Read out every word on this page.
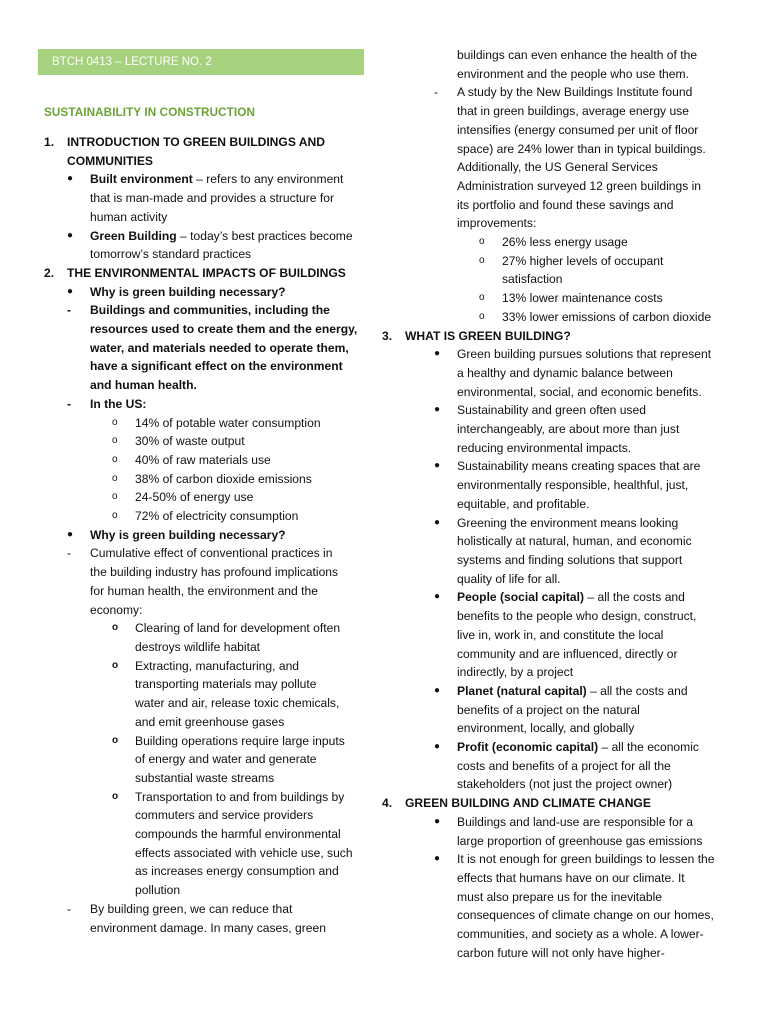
BTCH 0413 – LECTURE NO. 2
SUSTAINABILITY IN CONSTRUCTION
1. INTRODUCTION TO GREEN BUILDINGS AND
COMMUNITIES
● Built environment – refers to any environment
that is man-made and provides a structure for
human activity
● Green Building – today’s best practices become
tomorrow’s standard practices
2. THE ENVIRONMENTAL IMPACTS OF BUILDINGS
● Why is green building necessary?
- Buildings and communities, including the
resources used to create them and the energy,
water, and materials needed to operate them,
have a significant effect on the environment
and human health.
- In the US:
o 14% of potable water consumption
o 30% of waste output
o 40% of raw materials use
o 38% of carbon dioxide emissions
o 24-50% of energy use
o 72% of electricity consumption
● Why is green building necessary?
- Cumulative effect of conventional practices in
the building industry has profound implications
for human health, the environment and the
economy:
o Clearing of land for development often
destroys wildlife habitat
o Extracting, manufacturing, and
transporting materials may pollute
water and air, release toxic chemicals,
and emit greenhouse gases
o Building operations require large inputs
of energy and water and generate
substantial waste streams
o Transportation to and from buildings by
commuters and service providers
compounds the harmful environmental
effects associated with vehicle use, such
as increases energy consumption and
pollution
- By building green, we can reduce that
environment damage. In many cases, green
buildings can even enhance the health of the
environment and the people who use them.
- A study by the New Buildings Institute found
that in green buildings, average energy use
intensifies (energy consumed per unit of floor
space) are 24% lower than in typical buildings.
Additionally, the US General Services
Administration surveyed 12 green buildings in
its portfolio and found these savings and
improvements:
o 26% less energy usage
o 27% higher levels of occupant
satisfaction
o 13% lower maintenance costs
o 33% lower emissions of carbon dioxide
3. WHAT IS GREEN BUILDING?
● Green building pursues solutions that represent
a healthy and dynamic balance between
environmental, social, and economic benefits.
● Sustainability and green often used
interchangeably, are about more than just
reducing environmental impacts.
● Sustainability means creating spaces that are
environmentally responsible, healthful, just,
equitable, and profitable.
● Greening the environment means looking
holistically at natural, human, and economic
systems and finding solutions that support
quality of life for all.
● People (social capital) – all the costs and
benefits to the people who design, construct,
live in, work in, and constitute the local
community and are influenced, directly or
indirectly, by a project
● Planet (natural capital) – all the costs and
benefits of a project on the natural
environment, locally, and globally
● Profit (economic capital) – all the economic
costs and benefits of a project for all the
stakeholders (not just the project owner)
4. GREEN BUILDING AND CLIMATE CHANGE
● Buildings and land-use are responsible for a
large proportion of greenhouse gas emissions
● It is not enough for green buildings to lessen the
effects that humans have on our climate. It
must also prepare us for the inevitable
consequences of climate change on our homes,
communities, and society as a whole. A lower-
carbon future will not only have higher-
